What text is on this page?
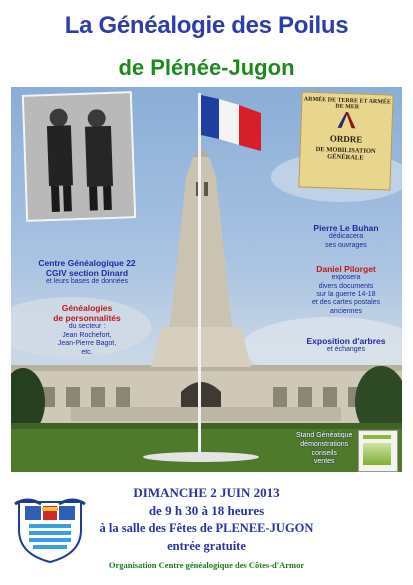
La Généalogie des Poilus
de Plénée-Jugon
ARMÉE DE TERRE ET ARMÉE DE MER
ORDRE
DE MOBILISATION GÉNÉRALE
Centre Généalogique 22
CGIV section Dinard
et leurs bases de données
Généalogies
de personnalités
du secteur :
Jean Rochefort,
Jean-Pierre Bagot,
etc.
Pierre Le Buhan
dédicacera
ses ouvrages
Daniel Pilorget
exposera
divers documents
sur la guerre 14-18
et des cartes postales
anciennes
Exposition d'arbres
et échanges
Stand Généatique
démonstrations
conseils
ventes
DIMANCHE 2 JUIN 2013
de 9 h 30 à 18 heures
à la salle des Fêtes de PLENEE-JUGON
entrée gratuite
Organisation Centre généalogique des Côtes-d'Armor
